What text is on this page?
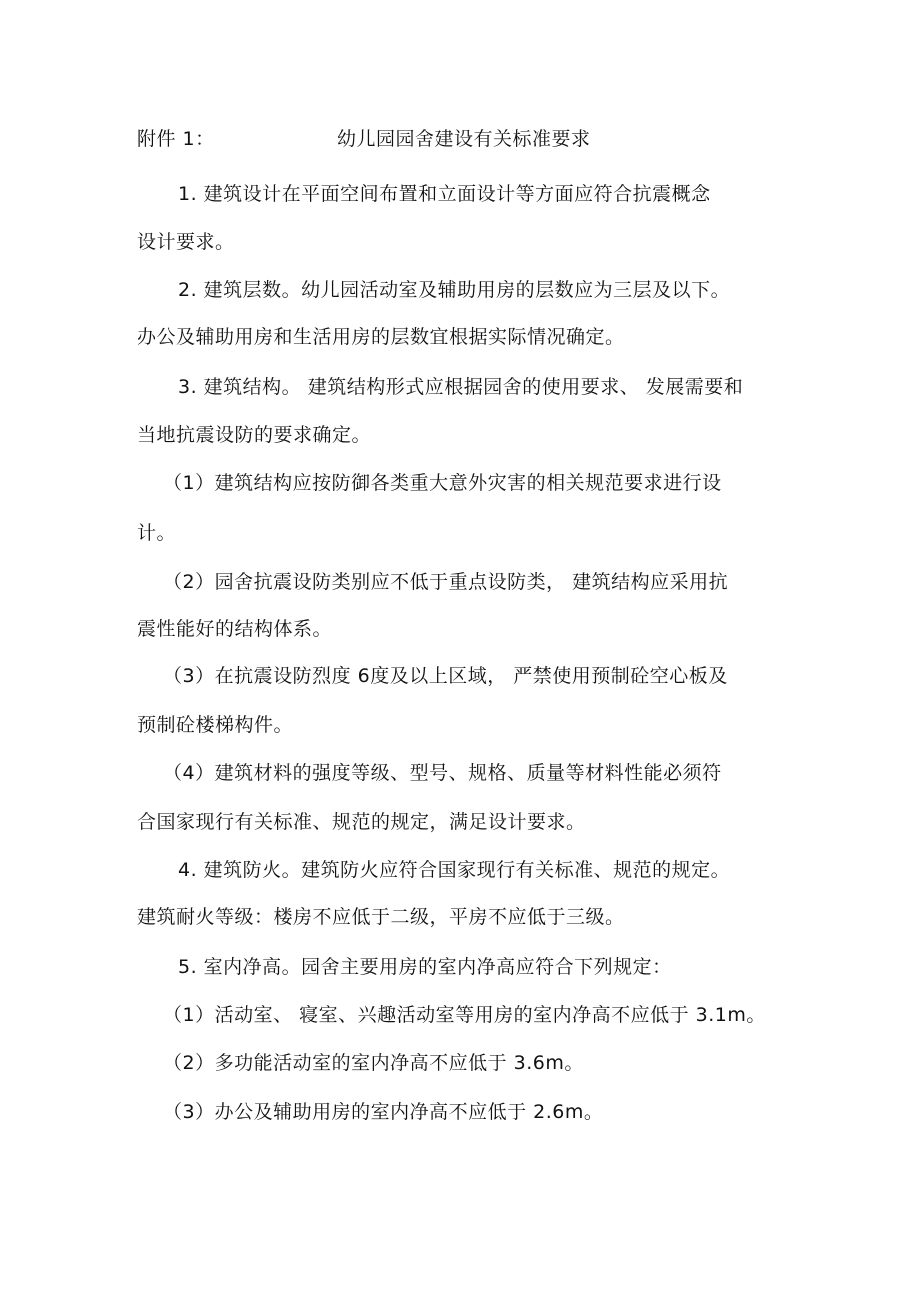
附件 1：	幼儿园园舍建设有关标准要求
1. 建筑设计在平面空间布置和立面设计等方面应符合抗震概念
设计要求。
2. 建筑层数。幼儿园活动室及辅助用房的层数应为三层及以下。
办公及辅助用房和生活用房的层数宜根据实际情况确定。
3. 建筑结构。 建筑结构形式应根据园舍的使用要求、 发展需要和
当地抗震设防的要求确定。
（1）建筑结构应按防御各类重大意外灾害的相关规范要求进行设
计。
（2）园舍抗震设防类别应不低于重点设防类， 建筑结构应采用抗
震性能好的结构体系。
（3）在抗震设防烈度 6度及以上区域， 严禁使用预制砼空心板及
预制砼楼梯构件。
（4）建筑材料的强度等级、型号、规格、质量等材料性能必须符
合国家现行有关标准、规范的规定，满足设计要求。
4. 建筑防火。建筑防火应符合国家现行有关标准、规范的规定。
建筑耐火等级：楼房不应低于二级，平房不应低于三级。
5. 室内净高。园舍主要用房的室内净高应符合下列规定：
（1）活动室、 寝室、兴趣活动室等用房的室内净高不应低于 3.1m。
（2）多功能活动室的室内净高不应低于 3.6m。
（3）办公及辅助用房的室内净高不应低于 2.6m。
